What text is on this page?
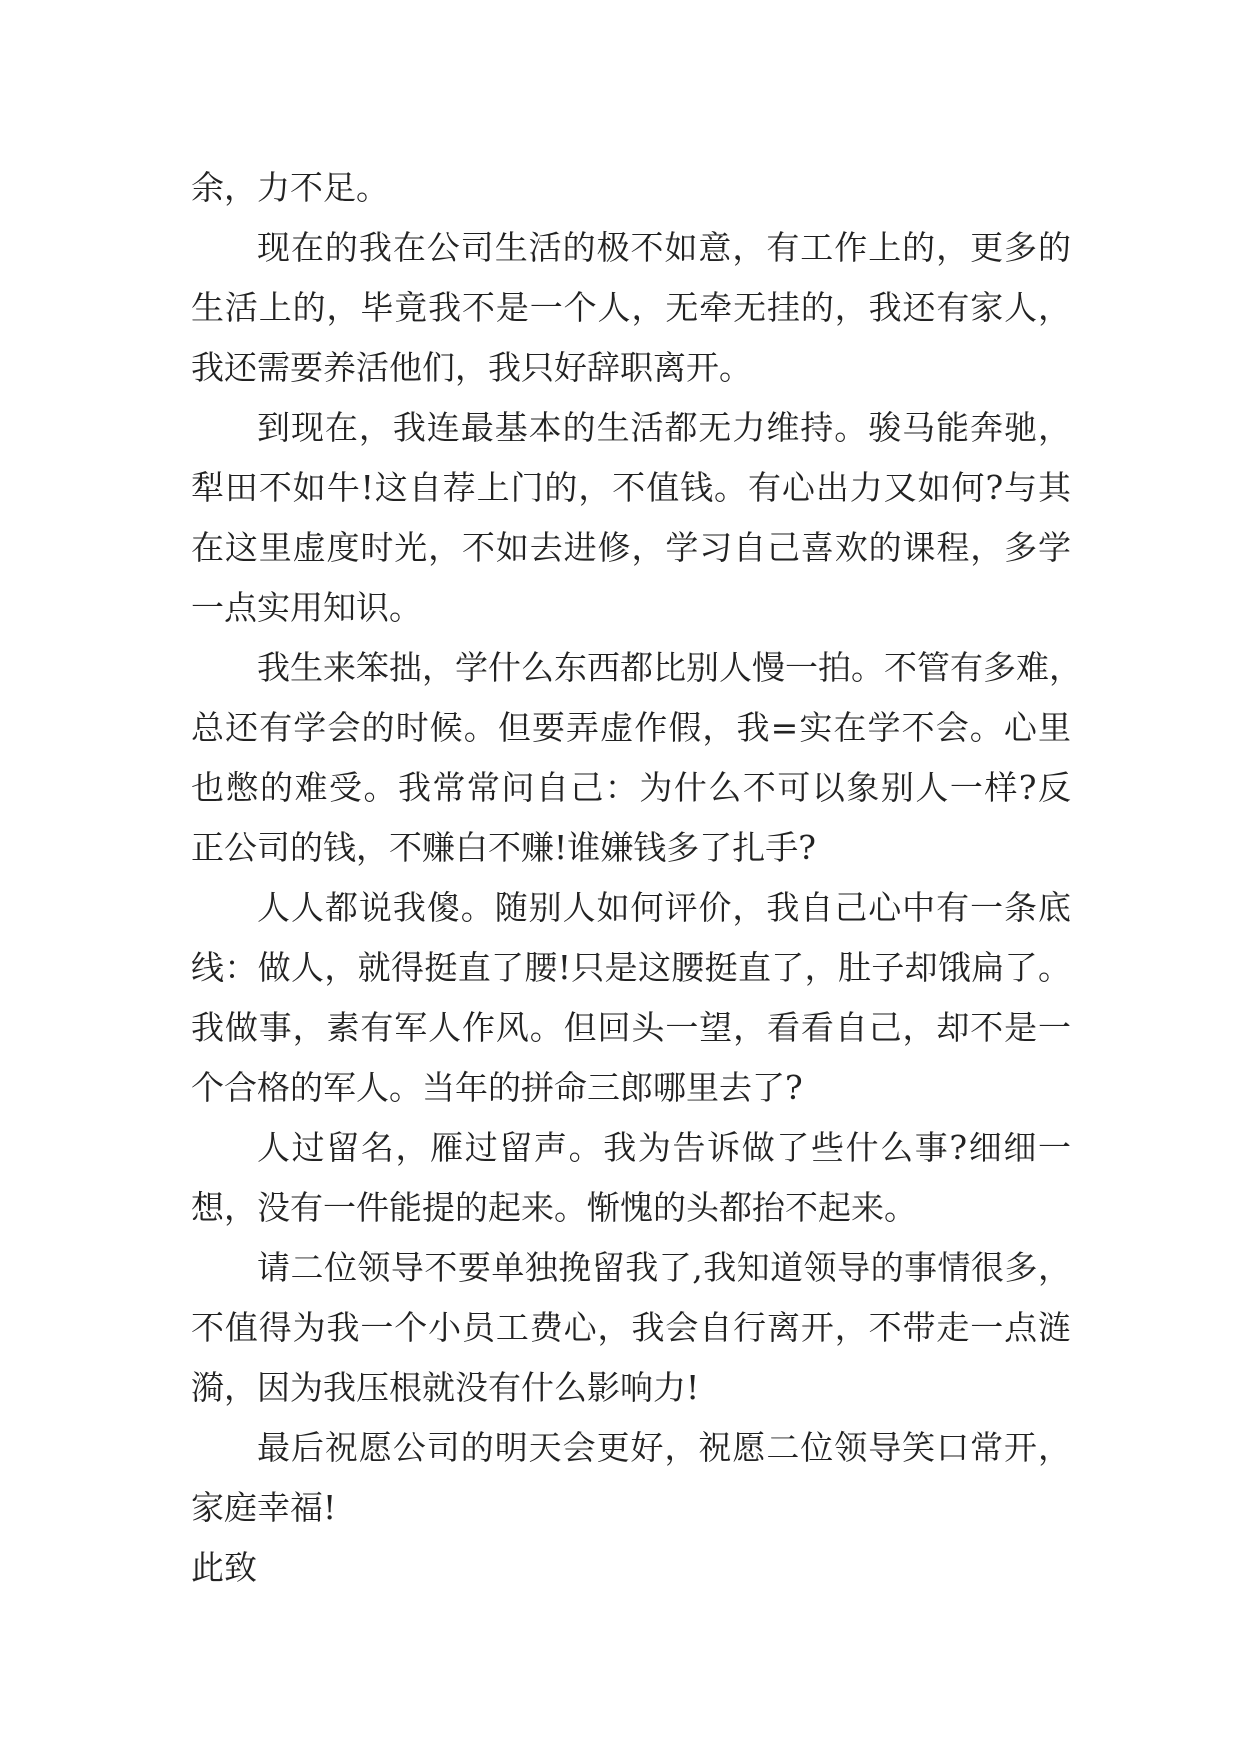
余，力不足。
现在的我在公司生活的极不如意，有工作上的，更多的
生活上的，毕竟我不是一个人，无牵无挂的，我还有家人，
我还需要养活他们，我只好辞职离开。
到现在，我连最基本的生活都无力维持。骏马能奔驰，
犁田不如牛!这自荐上门的，不值钱。有心出力又如何?与其
在这里虚度时光，不如去进修，学习自己喜欢的课程，多学
一点实用知识。
我生来笨拙，学什么东西都比别人慢一拍。不管有多难，
总还有学会的时候。但要弄虚作假，我=实在学不会。心里
也憋的难受。我常常问自己：为什么不可以象别人一样?反
正公司的钱，不赚白不赚!谁嫌钱多了扎手?
人人都说我傻。随别人如何评价，我自己心中有一条底
线：做人，就得挺直了腰!只是这腰挺直了，肚子却饿扁了。
我做事，素有军人作风。但回头一望，看看自己，却不是一
个合格的军人。当年的拼命三郎哪里去了?
人过留名，雁过留声。我为告诉做了些什么事?细细一
想，没有一件能提的起来。惭愧的头都抬不起来。
请二位领导不要单独挽留我了,我知道领导的事情很多，
不值得为我一个小员工费心，我会自行离开，不带走一点涟
漪，因为我压根就没有什么影响力!
最后祝愿公司的明天会更好，祝愿二位领导笑口常开，
家庭幸福!
此致
